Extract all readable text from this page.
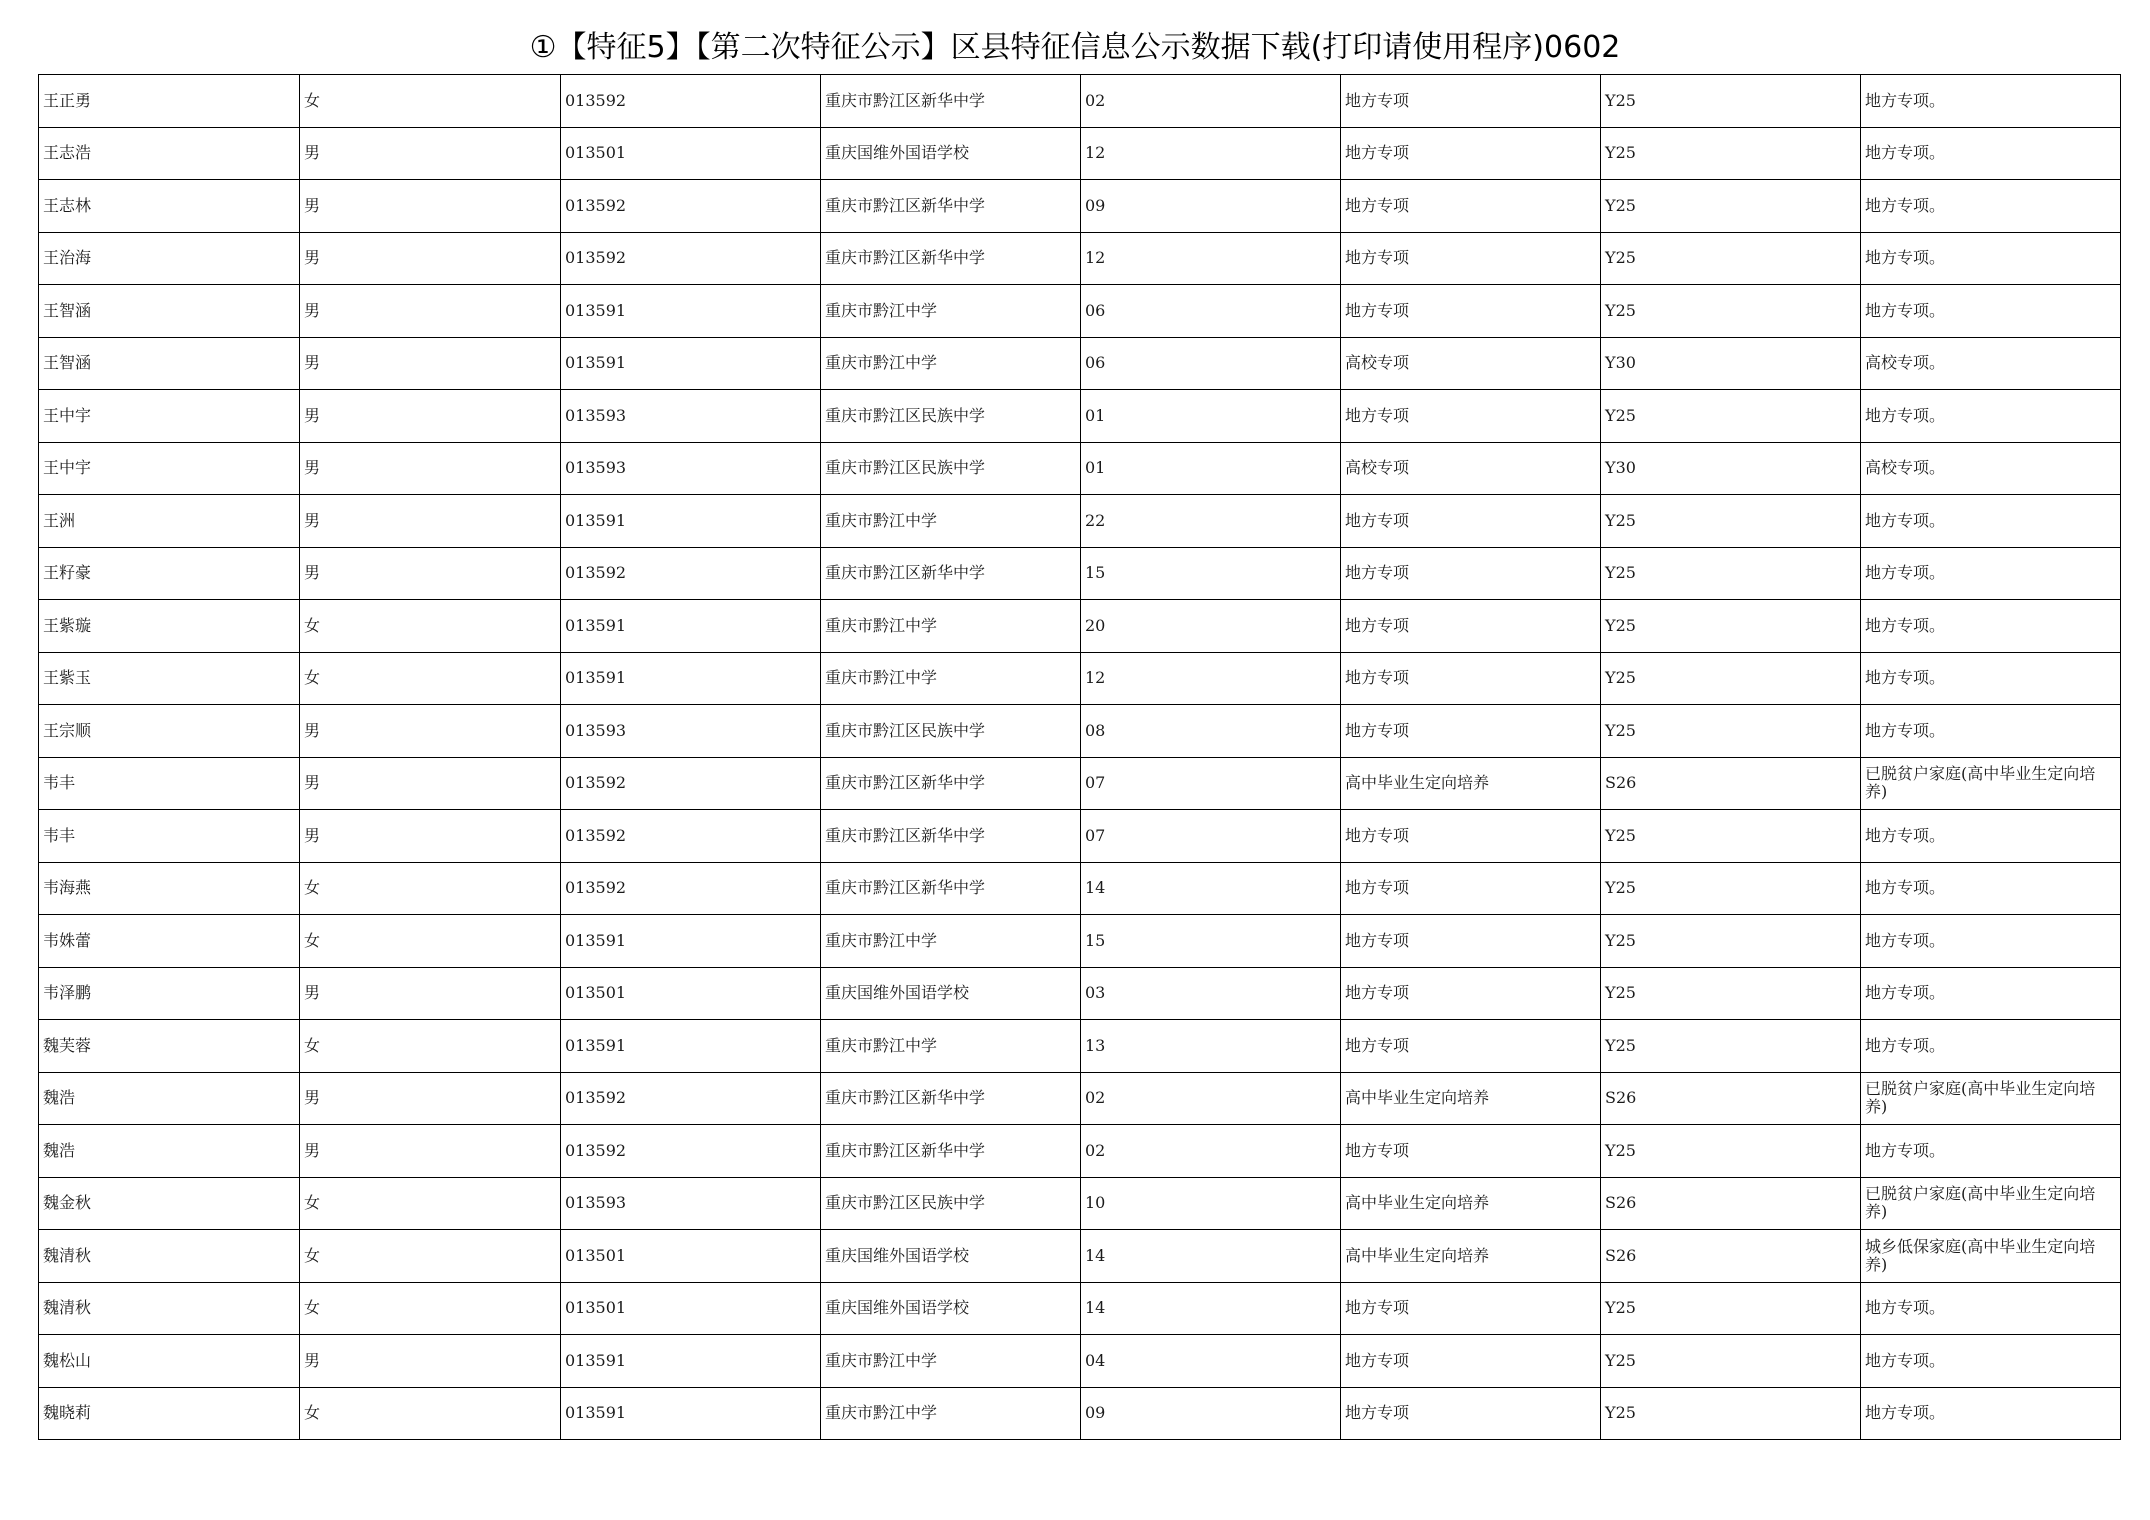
①【特征5】【第二次特征公示】区县特征信息公示数据下载(打印请使用程序)0602
王正勇	女	013592	重庆市黔江区新华中学	02	地方专项	Y25	地方专项。
王志浩	男	013501	重庆国维外国语学校	12	地方专项	Y25	地方专项。
王志林	男	013592	重庆市黔江区新华中学	09	地方专项	Y25	地方专项。
王治海	男	013592	重庆市黔江区新华中学	12	地方专项	Y25	地方专项。
王智涵	男	013591	重庆市黔江中学	06	地方专项	Y25	地方专项。
王智涵	男	013591	重庆市黔江中学	06	高校专项	Y30	高校专项。
王中宇	男	013593	重庆市黔江区民族中学	01	地方专项	Y25	地方专项。
王中宇	男	013593	重庆市黔江区民族中学	01	高校专项	Y30	高校专项。
王洲	男	013591	重庆市黔江中学	22	地方专项	Y25	地方专项。
王籽豪	男	013592	重庆市黔江区新华中学	15	地方专项	Y25	地方专项。
王紫璇	女	013591	重庆市黔江中学	20	地方专项	Y25	地方专项。
王紫玉	女	013591	重庆市黔江中学	12	地方专项	Y25	地方专项。
王宗顺	男	013593	重庆市黔江区民族中学	08	地方专项	Y25	地方专项。
韦丰	男	013592	重庆市黔江区新华中学	07	高中毕业生定向培养	S26	已脱贫户家庭(高中毕业生定向培养)
韦丰	男	013592	重庆市黔江区新华中学	07	地方专项	Y25	地方专项。
韦海燕	女	013592	重庆市黔江区新华中学	14	地方专项	Y25	地方专项。
韦姝蕾	女	013591	重庆市黔江中学	15	地方专项	Y25	地方专项。
韦泽鹏	男	013501	重庆国维外国语学校	03	地方专项	Y25	地方专项。
魏芙蓉	女	013591	重庆市黔江中学	13	地方专项	Y25	地方专项。
魏浩	男	013592	重庆市黔江区新华中学	02	高中毕业生定向培养	S26	已脱贫户家庭(高中毕业生定向培养)
魏浩	男	013592	重庆市黔江区新华中学	02	地方专项	Y25	地方专项。
魏金秋	女	013593	重庆市黔江区民族中学	10	高中毕业生定向培养	S26	已脱贫户家庭(高中毕业生定向培养)
魏清秋	女	013501	重庆国维外国语学校	14	高中毕业生定向培养	S26	城乡低保家庭(高中毕业生定向培养)
魏清秋	女	013501	重庆国维外国语学校	14	地方专项	Y25	地方专项。
魏松山	男	013591	重庆市黔江中学	04	地方专项	Y25	地方专项。
魏晓莉	女	013591	重庆市黔江中学	09	地方专项	Y25	地方专项。
